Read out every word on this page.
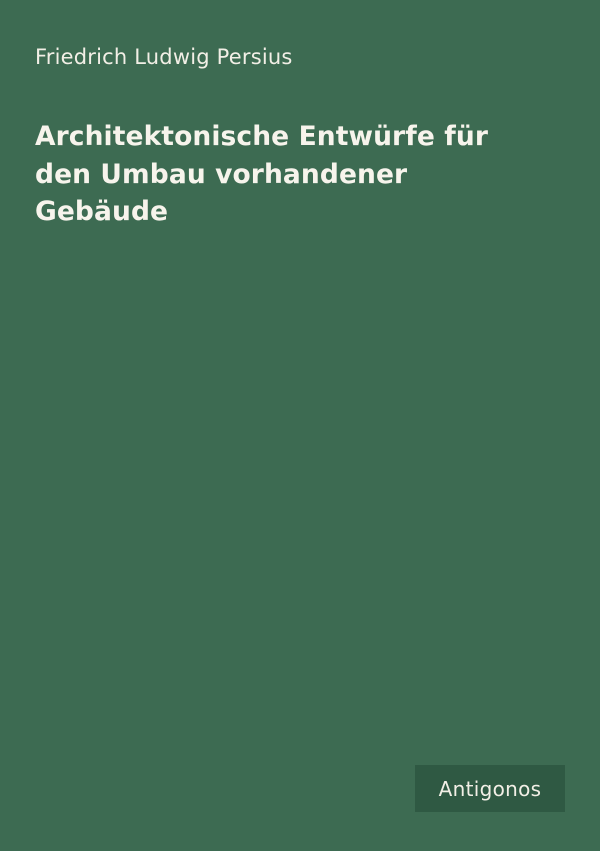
Friedrich Ludwig Persius
Architektonische Entwürfe für den Umbau vorhandener Gebäude
Antigonos
